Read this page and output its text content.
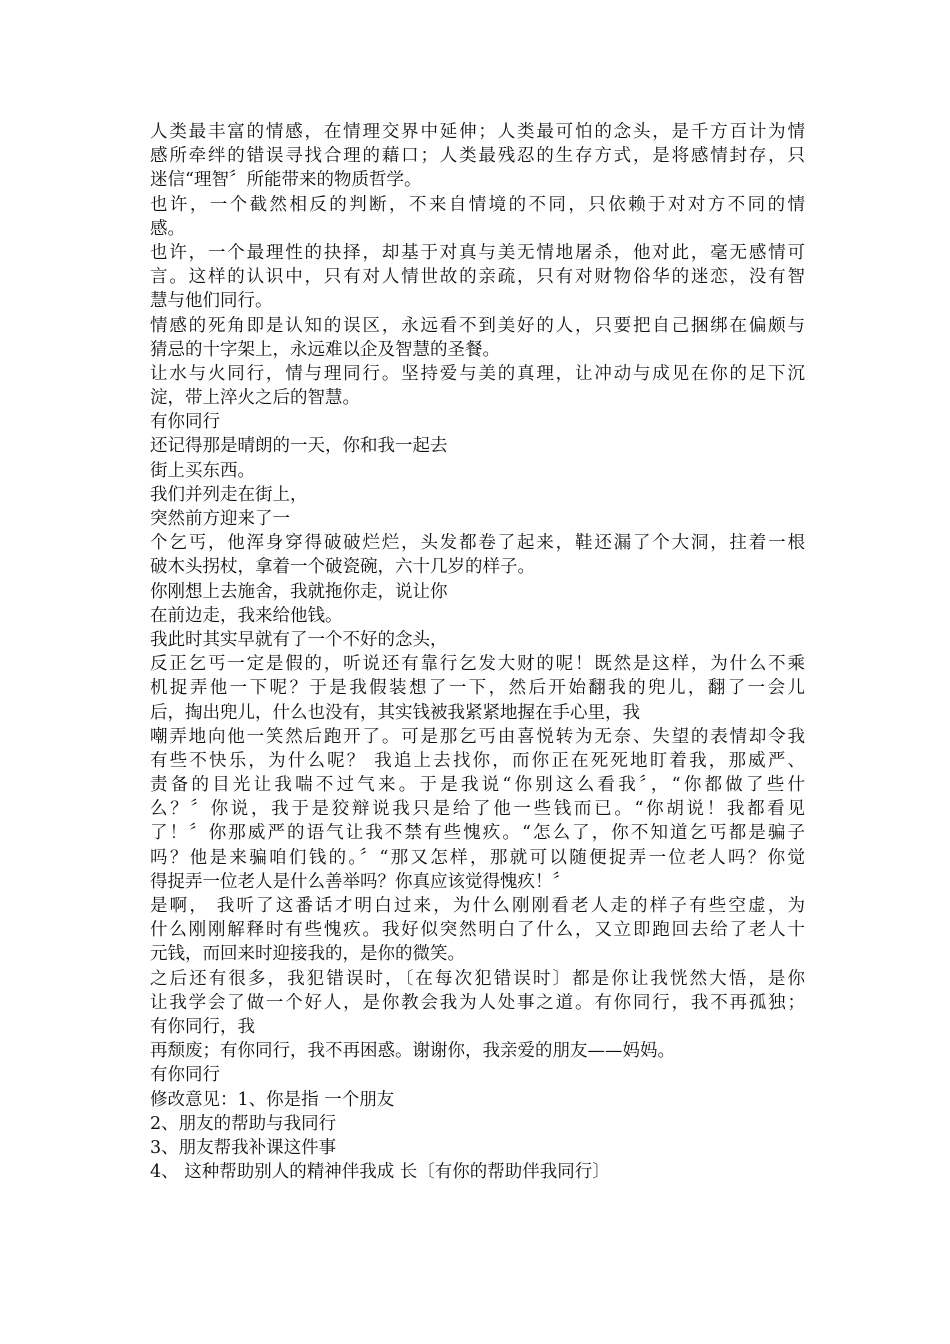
人类最丰富的情感，在情理交界中延伸；人类最可怕的念头，是千方百计为情
感所牵绊的错误寻找合理的藉口；人类最残忍的生存方式，是将感情封存，只
迷信“理智〞所能带来的物质哲学。
也许，一个截然相反的判断，不来自情境的不同，只依赖于对对方不同的情
感。
也许，一个最理性的抉择，却基于对真与美无情地屠杀，他对此，毫无感情可
言。这样的认识中，只有对人情世故的亲疏，只有对财物俗华的迷恋，没有智
慧与他们同行。
情感的死角即是认知的误区，永远看不到美好的人，只要把自己捆绑在偏颇与
猜忌的十字架上，永远难以企及智慧的圣餐。
让水与火同行，情与理同行。坚持爱与美的真理，让冲动与成见在你的足下沉
淀，带上淬火之后的智慧。
有你同行
还记得那是晴朗的一天，你和我一起去
街上买东西。
我们并列走在街上，
突然前方迎来了一
个乞丐，他浑身穿得破破烂烂，头发都卷了起来，鞋还漏了个大洞，拄着一根
破木头拐杖，拿着一个破瓷碗，六十几岁的样子。
你刚想上去施舍，我就拖你走，说让你
在前边走，我来给他钱。
我此时其实早就有了一个不好的念头，
反正乞丐一定是假的，听说还有靠行乞发大财的呢！既然是这样，为什么不乘
机捉弄他一下呢？于是我假装想了一下，然后开始翻我的兜儿，翻了一会儿
后，掏出兜儿，什么也没有，其实钱被我紧紧地握在手心里，我
嘲弄地向他一笑然后跑开了。可是那乞丐由喜悦转为无奈、失望的表情却令我
有些不快乐，为什么呢？ 我追上去找你，而你正在死死地盯着我，那威严、
责备的目光让我喘不过气来。于是我说“你别这么看我〞，“你都做了些什
么？〞你说，我于是狡辩说我只是给了他一些钱而已。“你胡说！我都看见
了！〞你那威严的语气让我不禁有些愧疚。“怎么了，你不知道乞丐都是骗子
吗？他是来骗咱们钱的。〞“那又怎样，那就可以随便捉弄一位老人吗？你觉
得捉弄一位老人是什么善举吗？你真应该觉得愧疚！〞
是啊， 我听了这番话才明白过来，为什么刚刚看老人走的样子有些空虚，为
什么刚刚解释时有些愧疚。我好似突然明白了什么，又立即跑回去给了老人十
元钱，而回来时迎接我的，是你的微笑。
之后还有很多，我犯错误时，〔在每次犯错误时〕都是你让我恍然大悟，是你
让我学会了做一个好人，是你教会我为人处事之道。有你同行，我不再孤独；
有你同行，我
再颓废；有你同行，我不再困惑。谢谢你，我亲爱的朋友——妈妈。
有你同行
修改意见：1、你是指 一个朋友
2、朋友的帮助与我同行
3、朋友帮我补课这件事
4、 这种帮助别人的精神伴我成 长〔有你的帮助伴我同行〕
